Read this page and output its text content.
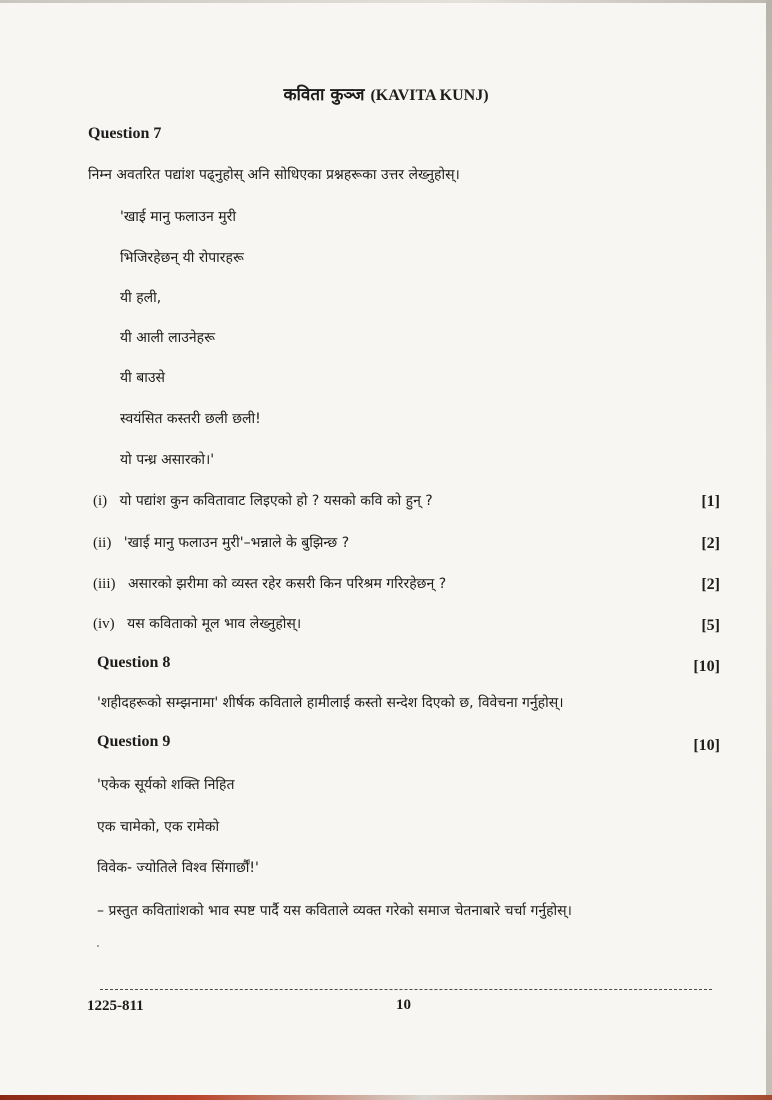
कविता कुञ्ज (KAVITA KUNJ)
Question 7
निम्न अवतरित पद्यांश पढ्नुहोस् अनि सोधिएका प्रश्नहरूका उत्तर लेख्नुहोस्।
'खाई मानु फलाउन मुरी
भिजिरहेछन् यी रोपारहरू
यी हली,
यी आली लाउनेहरू
यी बाउसे
स्वयंसित कस्तरी छली छली!
यो पन्ध्र असारको।'
(i) यो पद्यांश कुन कवितावाट लिइएको हो ? यसको कवि को हुन् ?	[1]
(ii) 'खाई मानु फलाउन मुरी'–भन्नाले के बुझिन्छ ?	[2]
(iii) असारको झरीमा को व्यस्त रहेर कसरी किन परिश्रम गरिरहेछन् ?	[2]
(iv) यस कविताको मूल भाव लेख्नुहोस्।	[5]
Question 8	[10]
'शहीदहरूको सम्झनामा' शीर्षक कविताले हामीलाई कस्तो सन्देश दिएको छ, विवेचना गर्नुहोस्।
Question 9	[10]
'एकेक सूर्यको शक्ति निहित
एक चामेको, एक रामेको
विवेक- ज्योतिले विश्व सिंगार्छौं!'
– प्रस्तुत कविताांशको भाव स्पष्ट पार्दै यस कविताले व्यक्त गरेको समाज चेतनाबारे चर्चा गर्नुहोस्।
1225-811	10
